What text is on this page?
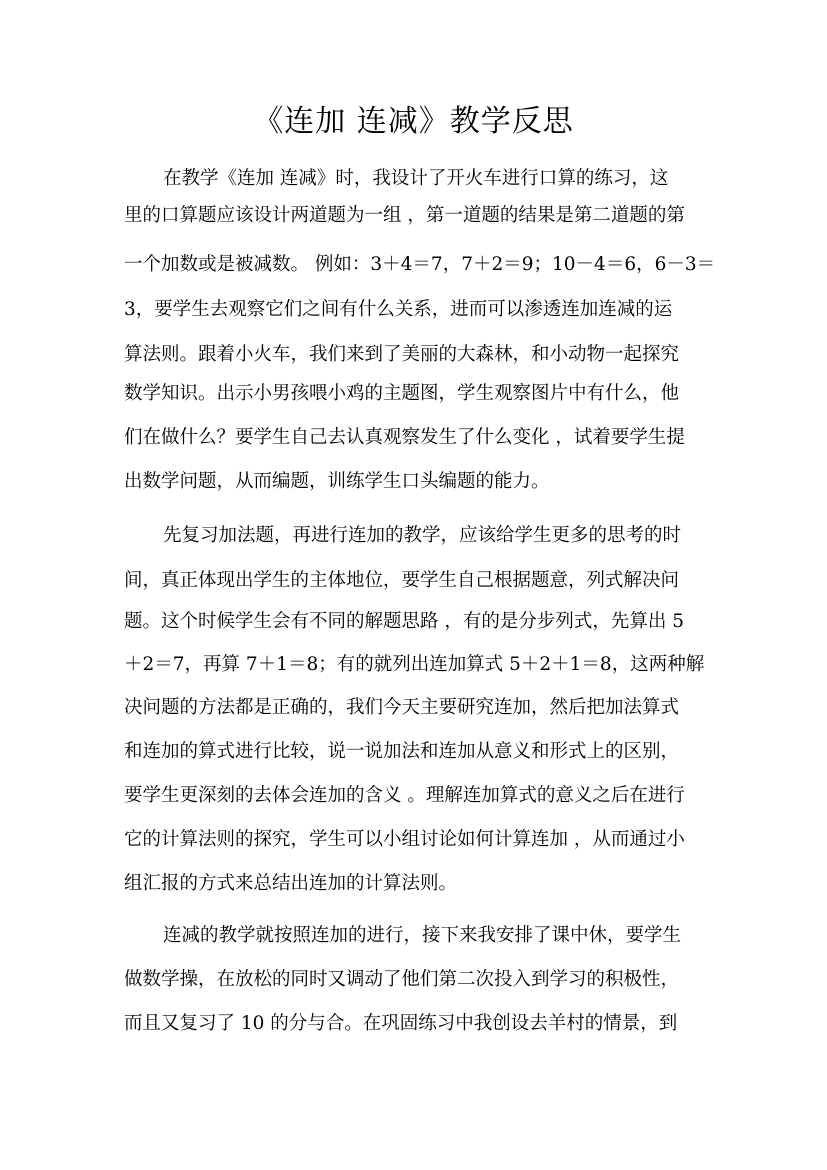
《连加 连减》教学反思
在教学《连加 连减》时，我设计了开火车进行口算的练习，这
里的口算题应该设计两道题为一组 ，第一道题的结果是第二道题的第
一个加数或是被减数。 例如：3＋4＝7，7＋2＝9；10－4＝6，6－3＝
3，要学生去观察它们之间有什么关系，进而可以渗透连加连减的运
算法则。跟着小火车，我们来到了美丽的大森林，和小动物一起探究
数学知识。出示小男孩喂小鸡的主题图，学生观察图片中有什么，他
们在做什么？要学生自己去认真观察发生了什么变化 ，试着要学生提
出数学问题，从而编题，训练学生口头编题的能力。
先复习加法题，再进行连加的教学，应该给学生更多的思考的时
间，真正体现出学生的主体地位，要学生自己根据题意，列式解决问
题。这个时候学生会有不同的解题思路 ，有的是分步列式，先算出 5
＋2＝7，再算 7＋1＝8；有的就列出连加算式 5＋2＋1＝8，这两种解
决问题的方法都是正确的，我们今天主要研究连加，然后把加法算式
和连加的算式进行比较，说一说加法和连加从意义和形式上的区别，
要学生更深刻的去体会连加的含义 。理解连加算式的意义之后在进行
它的计算法则的探究，学生可以小组讨论如何计算连加 ，从而通过小
组汇报的方式来总结出连加的计算法则。
连减的教学就按照连加的进行，接下来我安排了课中休，要学生
做数学操，在放松的同时又调动了他们第二次投入到学习的积极性，
而且又复习了 10 的分与合。在巩固练习中我创设去羊村的情景，到
